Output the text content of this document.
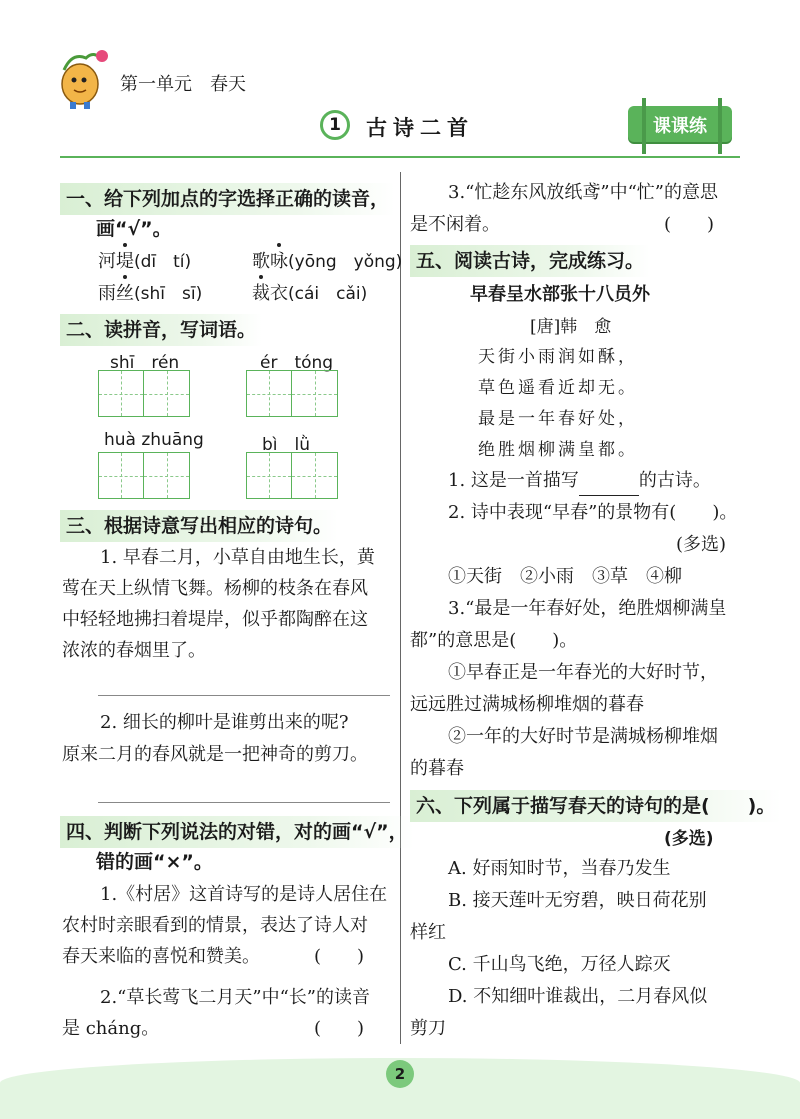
第一单元　春天
1	古诗二首	课课练
一、给下列加点的字选择正确的读音，
画“√”。
河堤(dī　tí)	歌咏(yōng　yǒng)
雨丝(shī　sī)	裁衣(cái　cǎi)
二、读拼音，写词语。
shī　rén	ér　tóng
huà zhuāng	bì　lǜ
三、根据诗意写出相应的诗句。
1. 早春二月，小草自由地生长，黄
莺在天上纵情飞舞。杨柳的枝条在春风
中轻轻地拂扫着堤岸，似乎都陶醉在这
浓浓的春烟里了。
2. 细长的柳叶是谁剪出来的呢?
原来二月的春风就是一把神奇的剪刀。
四、判断下列说法的对错，对的画“√”，
错的画“×”。
1.《村居》这首诗写的是诗人居住在
农村时亲眼看到的情景，表达了诗人对
春天来临的喜悦和赞美。	(　　)
2.“草长莺飞二月天”中“长”的读音
是 cháng。	(　　)
3.“忙趁东风放纸鸢”中“忙”的意思
是不闲着。	(　　)
五、阅读古诗，完成练习。
早春呈水部张十八员外
[唐]韩　愈
天街小雨润如酥，
草色遥看近却无。
最是一年春好处，
绝胜烟柳满皇都。
1. 这是一首描写	的古诗。
2. 诗中表现“早春”的景物有(　　)。
(多选)
①天街　②小雨　③草　④柳
3.“最是一年春好处，绝胜烟柳满皇
都”的意思是(　　)。
①早春正是一年春光的大好时节，
远远胜过满城杨柳堆烟的暮春
②一年的大好时节是满城杨柳堆烟
的暮春
六、下列属于描写春天的诗句的是(　　)。
(多选)
A. 好雨知时节，当春乃发生
B. 接天莲叶无穷碧，映日荷花别
样红
C. 千山鸟飞绝，万径人踪灭
D. 不知细叶谁裁出，二月春风似
剪刀
2
